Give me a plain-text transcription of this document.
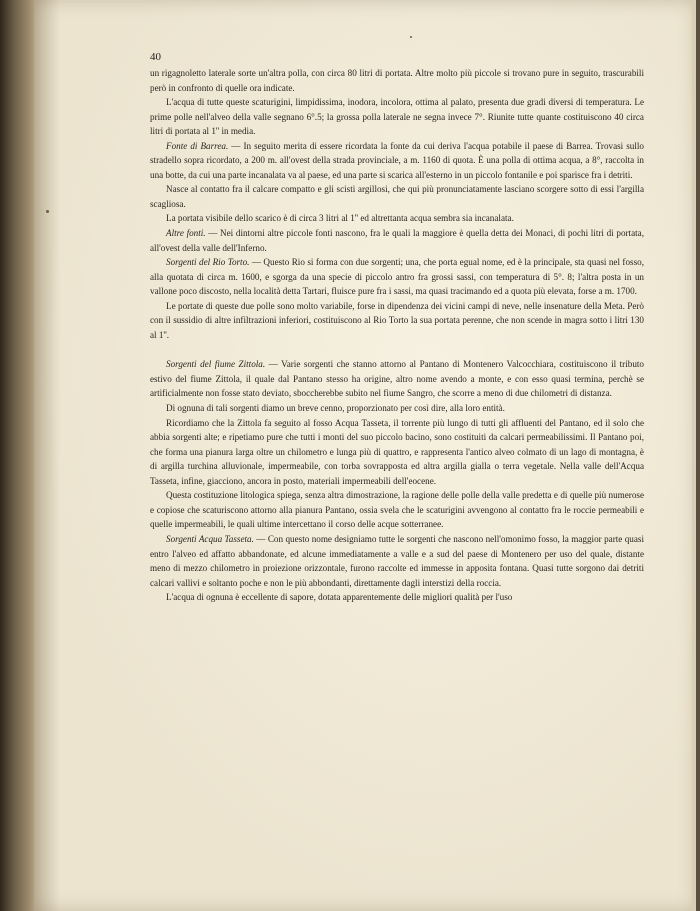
40

un rigagnoletto laterale sorte un'altra polla, con circa 80 litri di portata. Altre molto più piccole si trovano pure in seguito, trascurabili però in confronto di quelle ora indicate.

L'acqua di tutte queste scaturigini, limpidissima, inodora, incolora, ottima al palato, presenta due gradi diversi di temperatura. Le prime polle nell'alveo della valle segnano 6°.5; la grossa polla laterale ne segna invece 7°. Riunite tutte quante costituiscono 40 circa litri di portata al 1'' in media.

Fonte di Barrea. — In seguito merita di essere ricordata la fonte da cui deriva l'acqua potabile il paese di Barrea. Trovasi sullo stradello sopra ricordato, a 200 m. all'ovest della strada provinciale, a m. 1160 di quota. È una polla di ottima acqua, a 8°, raccolta in una botte, da cui una parte incanalata va al paese, ed una parte si scarica all'esterno in un piccolo fontanile e poi sparisce fra i detriti.

Nasce al contatto fra il calcare compatto e gli scisti argillosi, che qui più pronunciatamente lasciano scorgere sotto di essi l'argilla scagliosa.

La portata visibile dello scarico è di circa 3 litri al 1'' ed altrettanta acqua sembra sia incanalata.

Altre fonti. — Nei dintorni altre piccole fonti nascono, fra le quali la maggiore è quella detta dei Monaci, di pochi litri di portata, all'ovest della valle dell'Inferno.

Sorgenti del Rio Torto. — Questo Rio si forma con due sorgenti; una, che porta egual nome, ed è la principale, sta quasi nel fosso, alla quotata di circa m. 1600, e sgorga da una specie di piccolo antro fra grossi sassi, con temperatura di 5°. 8; l'altra posta in un vallone poco discosto, nella località detta Tartari, fluisce pure fra i sassi, ma quasi tracimando ed a quota più elevata, forse a m. 1700.

Le portate di queste due polle sono molto variabile, forse in dipendenza dei vicini campi di neve, nelle insenature della Meta. Però con il sussidio di altre infiltrazioni inferiori, costituiscono al Rio Torto la sua portata perenne, che non scende in magra sotto i litri 130 al 1''.

Sorgenti del fiume Zittola. — Varie sorgenti che stanno attorno al Pantano di Montenero Valcocchiara, costituiscono il tributo estivo del fiume Zittola, il quale dal Pantano stesso ha origine, altro nome avendo a monte, e con esso quasi termina, perchè se artificialmente non fosse stato deviato, sboccherebbe subito nel fiume Sangro, che scorre a meno di due chilometri di distanza.

Di ognuna di tali sorgenti diamo un breve cenno, proporzionato per così dire, alla loro entità.

Ricordiamo che la Zittola fa seguito al fosso Acqua Tasseta, il torrente più lungo di tutti gli affluenti del Pantano, ed il solo che abbia sorgenti alte; e ripetiamo pure che tutti i monti del suo piccolo bacino, sono costituiti da calcari permeabilissimi. Il Pantano poi, che forma una pianura larga oltre un chilometro e lunga più di quattro, e rappresenta l'antico alveo colmato di un lago di montagna, è di argilla turchina alluvionale, impermeabile, con torba sovrapposta ed altra argilla gialla o terra vegetale. Nella valle dell'Acqua Tasseta, infine, giacciono, ancora in posto, materiali impermeabili dell'eocene.

Questa costituzione litologica spiega, senza altra dimostrazione, la ragione delle polle della valle predetta e di quelle più numerose e copiose che scaturiscono attorno alla pianura Pantano, ossia svela che le scaturigini avvengono al contatto fra le roccie permeabili e quelle impermeabili, le quali ultime intercettano il corso delle acque sotterranee.

Sorgenti Acqua Tasseta. — Con questo nome designiamo tutte le sorgenti che nascono nell'omonimo fosso, la maggior parte quasi entro l'alveo ed affatto abbandonate, ed alcune immediatamente a valle e a sud del paese di Montenero per uso del quale, distante meno di mezzo chilometro in proiezione orizzontale, furono raccolte ed immesse in apposita fontana. Quasi tutte sorgono dai detriti calcari vallivi e soltanto poche e non le più abbondanti, direttamente dagli interstizi della roccia.

L'acqua di ognuna è eccellente di sapore, dotata apparentemente delle migliori qualità per l'uso
